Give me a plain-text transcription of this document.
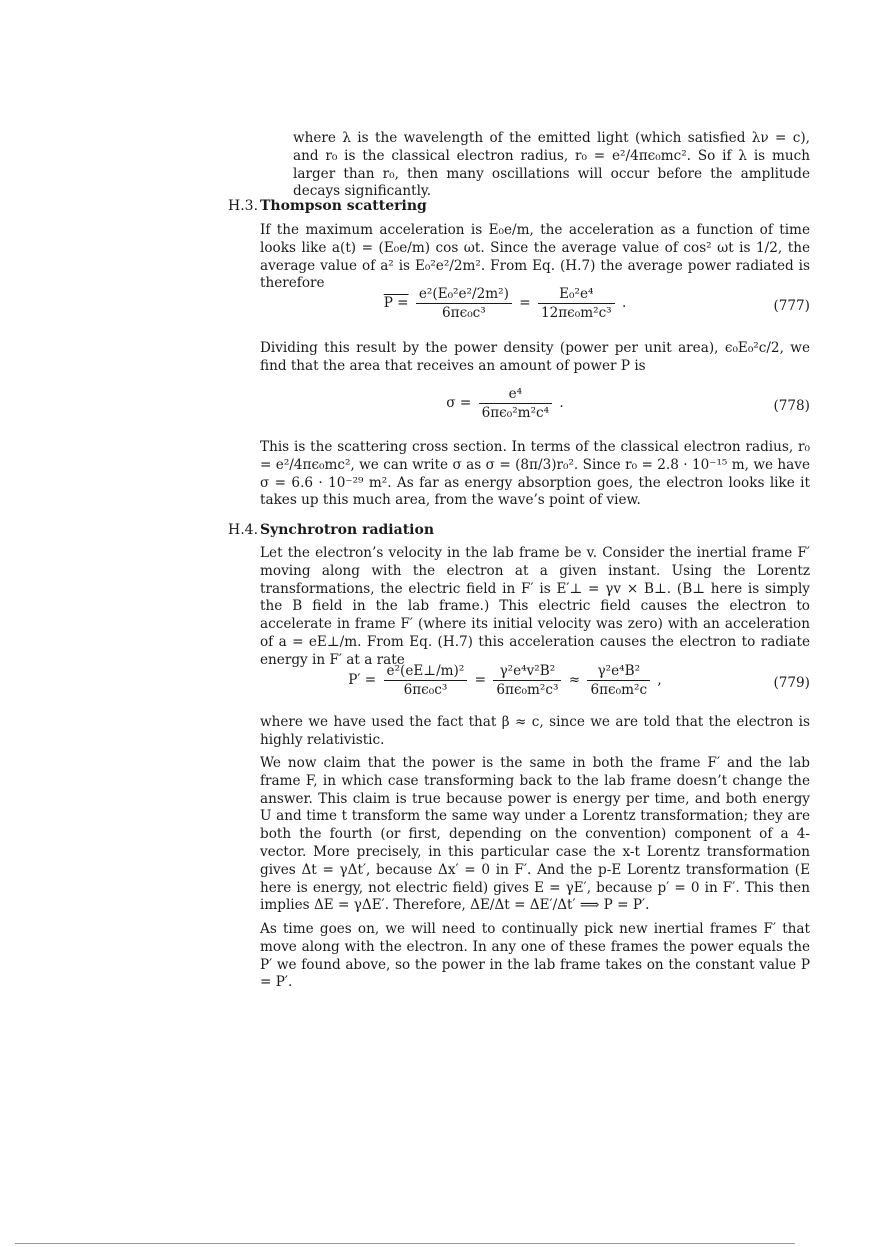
where λ is the wavelength of the emitted light (which satisfied λν = c), and r₀ is the classical electron radius, r₀ = e²/4πϵ₀mc². So if λ is much larger than r₀, then many oscillations will occur before the amplitude decays significantly.

H.3. Thompson scattering

If the maximum acceleration is E₀e/m, the acceleration as a function of time looks like a(t) = (E₀e/m) cos ωt. Since the average value of cos² ωt is 1/2, the average value of a² is E₀²e²/2m². From Eq. (H.7) the average power radiated is therefore

$P = \frac{\text{e²(E₀²e²/2m²)}}{\text{6πϵ₀c³}} = \frac{\text{E₀²e⁴}}{\text{12πϵ₀m²c³}}$ .	(777)

Dividing this result by the power density (power per unit area), ϵ₀E₀²c/2, we find that the area that receives an amount of power P is

$\sigma = \frac{\text{e⁴}}{\text{6πϵ₀²m²c⁴}}$ .	(778)

This is the scattering cross section. In terms of the classical electron radius, r₀ = e²/4πϵ₀mc², we can write σ as σ = (8π/3)r₀². Since r₀ = 2.8 · 10⁻¹⁵ m, we have σ = 6.6 · 10⁻²⁹ m². As far as energy absorption goes, the electron looks like it takes up this much area, from the wave’s point of view.

H.4. Synchrotron radiation

Let the electron’s velocity in the lab frame be v. Consider the inertial frame F′ moving along with the electron at a given instant. Using the Lorentz transformations, the electric field in F′ is E′⊥ = γv × B⊥. (B⊥ here is simply the B field in the lab frame.) This electric field causes the electron to accelerate in frame F′ (where its initial velocity was zero) with an acceleration of a = eE⊥/m. From Eq. (H.7) this acceleration causes the electron to radiate energy in F′ at a rate

$P' = \frac{\text{e²(eE⊥/m)²}}{\text{6πϵ₀c³}} = \frac{\text{γ²e⁴v²B²}}{\text{6πϵ₀m²c³}} \approx \frac{\text{γ²e⁴B²}}{\text{6πϵ₀m²c}}$ ,	(779)

where we have used the fact that β ≈ c, since we are told that the electron is highly relativistic.

We now claim that the power is the same in both the frame F′ and the lab frame F, in which case transforming back to the lab frame doesn’t change the answer. This claim is true because power is energy per time, and both energy U and time t transform the same way under a Lorentz transformation; they are both the fourth (or first, depending on the convention) component of a 4-vector. More precisely, in this particular case the x-t Lorentz transformation gives Δt = γΔt′, because Δx′ = 0 in F′. And the p-E Lorentz transformation (E here is energy, not electric field) gives E = γE′, because p′ = 0 in F′. This then implies ΔE = γΔE′. Therefore, ΔE/Δt = ΔE′/Δt′ ⟹ P = P′.

As time goes on, we will need to continually pick new inertial frames F′ that move along with the electron. In any one of these frames the power equals the P′ we found above, so the power in the lab frame takes on the constant value P = P′.
